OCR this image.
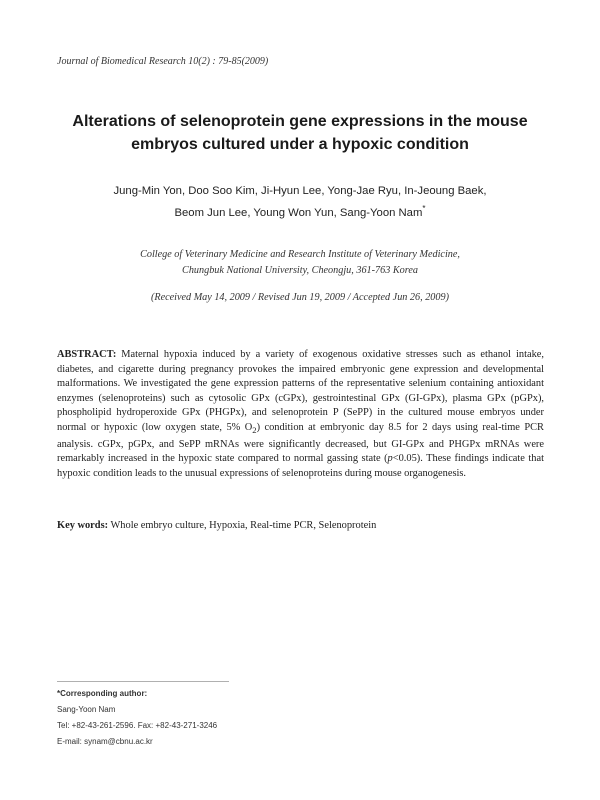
Journal of Biomedical Research 10(2) : 79-85(2009)
Alterations of selenoprotein gene expressions in the mouse
embryos cultured under a hypoxic condition
Jung-Min Yon, Doo Soo Kim, Ji-Hyun Lee, Yong-Jae Ryu, In-Jeoung Baek,
Beom Jun Lee, Young Won Yun, Sang-Yoon Nam*
College of Veterinary Medicine and Research Institute of Veterinary Medicine,
Chungbuk National University, Cheongju, 361-763 Korea
(Received May 14, 2009 / Revised Jun 19, 2009 / Accepted Jun 26, 2009)

ABSTRACT: Maternal hypoxia induced by a variety of exogenous oxidative stresses such as ethanol intake, diabetes, and cigarette during pregnancy provokes the impaired embryonic gene expression and developmental malformations. We investigated the gene expression patterns of the representative selenium containing antioxidant enzymes (selenoproteins) such as cytosolic GPx (cGPx), gestrointestinal GPx (GI-GPx), plasma GPx (pGPx), phospholipid hydroperoxide GPx (PHGPx), and selenoprotein P (SePP) in the cultured mouse embryos under normal or hypoxic (low oxygen state, 5% $O_2$) condition at embryonic day 8.5 for 2 days using real-time PCR analysis. cGPx, pGPx, and SePP mRNAs were significantly decreased, but GI-GPx and PHGPx mRNAs were remarkably increased in the hypoxic state compared to normal gassing state (p<0.05). These findings indicate that hypoxic condition leads to the unusual expressions of selenoproteins during mouse organogenesis.

Key words: Whole embryo culture, Hypoxia, Real-time PCR, Selenoprotein

*Corresponding author:
Sang-Yoon Nam
Tel: +82-43-261-2596. Fax: +82-43-271-3246
E-mail: synam@cbnu.ac.kr
